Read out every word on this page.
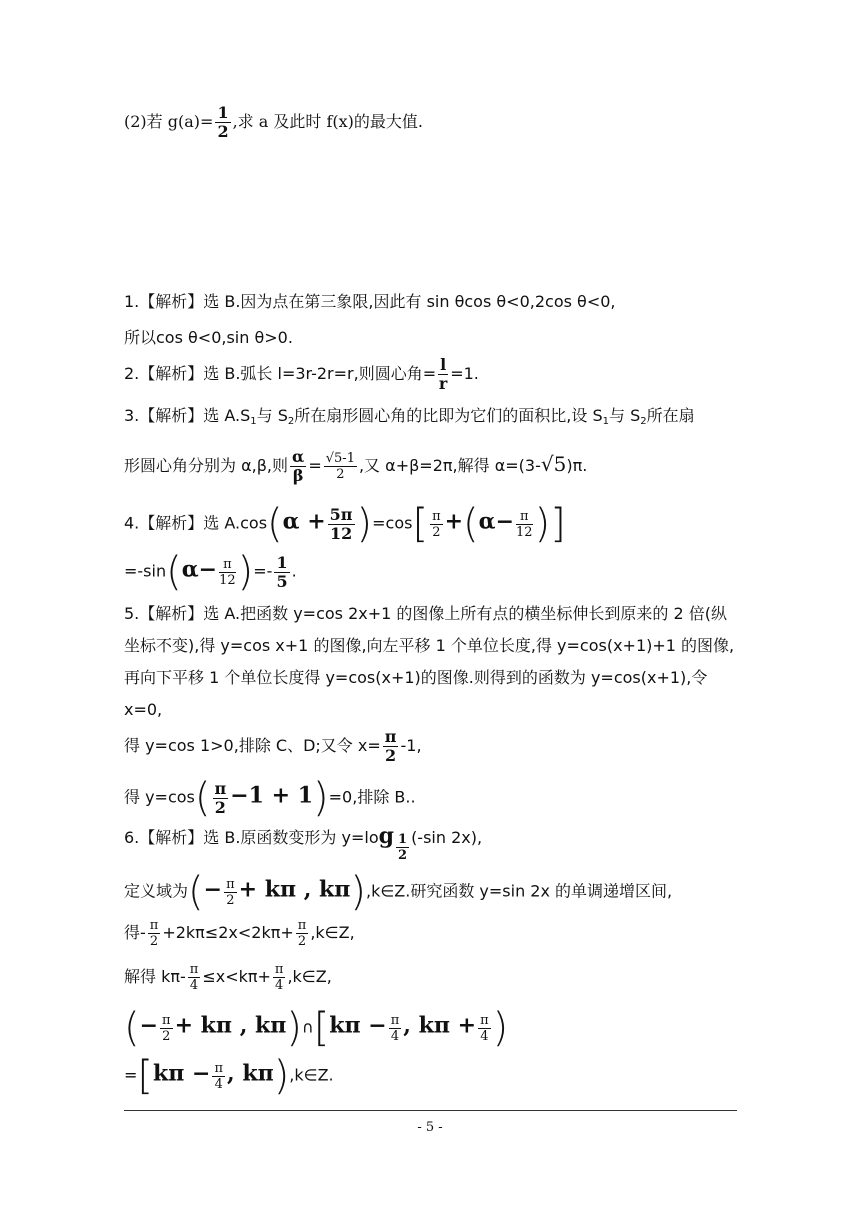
(2)若 $g(a)= \frac{1}{2}$ ,求 a 及此时 f(x)的最大值.
1.【解析】选 B.因为点在第三象限,因此有 sin θcos θ<0,2cos θ<0,
所以cos θ<0,sin θ>0.
2.【解析】选 B.弧长 l=3r-2r=r,则圆心角= $\frac{l}{r} =1$.
3.【解析】选 $A.S_1$与 $S_2$所在扇形圆心角的比即为它们的面积比,设 $S_1$与 $S_2$所在扇
形圆心角分别为 α,β,则 $\frac{\alpha}{\beta} = \frac{√5-1}{2}$ ,又 α+β=2π,解得 α=(3-√5)π.
4.【解析】选 $A.\cos(\alpha + \frac{5\pi}{12} )=\cos[ \frac{\pi}{2} +(\alpha- \frac{\pi}{12}$ )]
$=-\sin(\alpha- \frac{\pi}{12}$ )=- $\frac{1}{5}$ .
5.【解析】选 A.把函数 y=cos 2x+1 的图像上所有点的横坐标伸长到原来的 2 倍(纵
坐标不变),得 y=cos x+1 的图像,向左平移 1 个单位长度,得 y=cos(x+1)+1 的图像,
再向下平移 1 个单位长度得 y=cos(x+1)的图像.则得到的函数为 y=cos(x+1),令
x=0,
得 y=cos 1>0,排除 C、D;又令 $x= \frac{\pi}{2} -1$,
得 $y=\cos( \frac{\pi}{2} -1 + 1)=0$,排除 B..
6.【解析】选 B.原函数变形为 $y=\log \frac{1}{2} (-\sin$ 2x),
定义域为(− $\frac{\pi}{2} + k\pi$ , kπ),k∈Z.研究函数 y=sin 2x 的单调递增区间,
得- $\frac{\pi}{2} +2k\pi\le 2x<2k\pi+ \frac{\pi}{2}$ ,k∈Z,
解得 $k\pi- \frac{\pi}{4} \le x<k\pi+ \frac{\pi}{4}$ ,k∈Z,
(− $\frac{\pi}{2} + k\pi$ , kπ)∩[kπ − $\frac{\pi}{4}$ , $k\pi + \frac{\pi}{4}$ )
$=[k\pi - \frac{\pi}{4}$ , kπ),k∈Z.
- 5 -
